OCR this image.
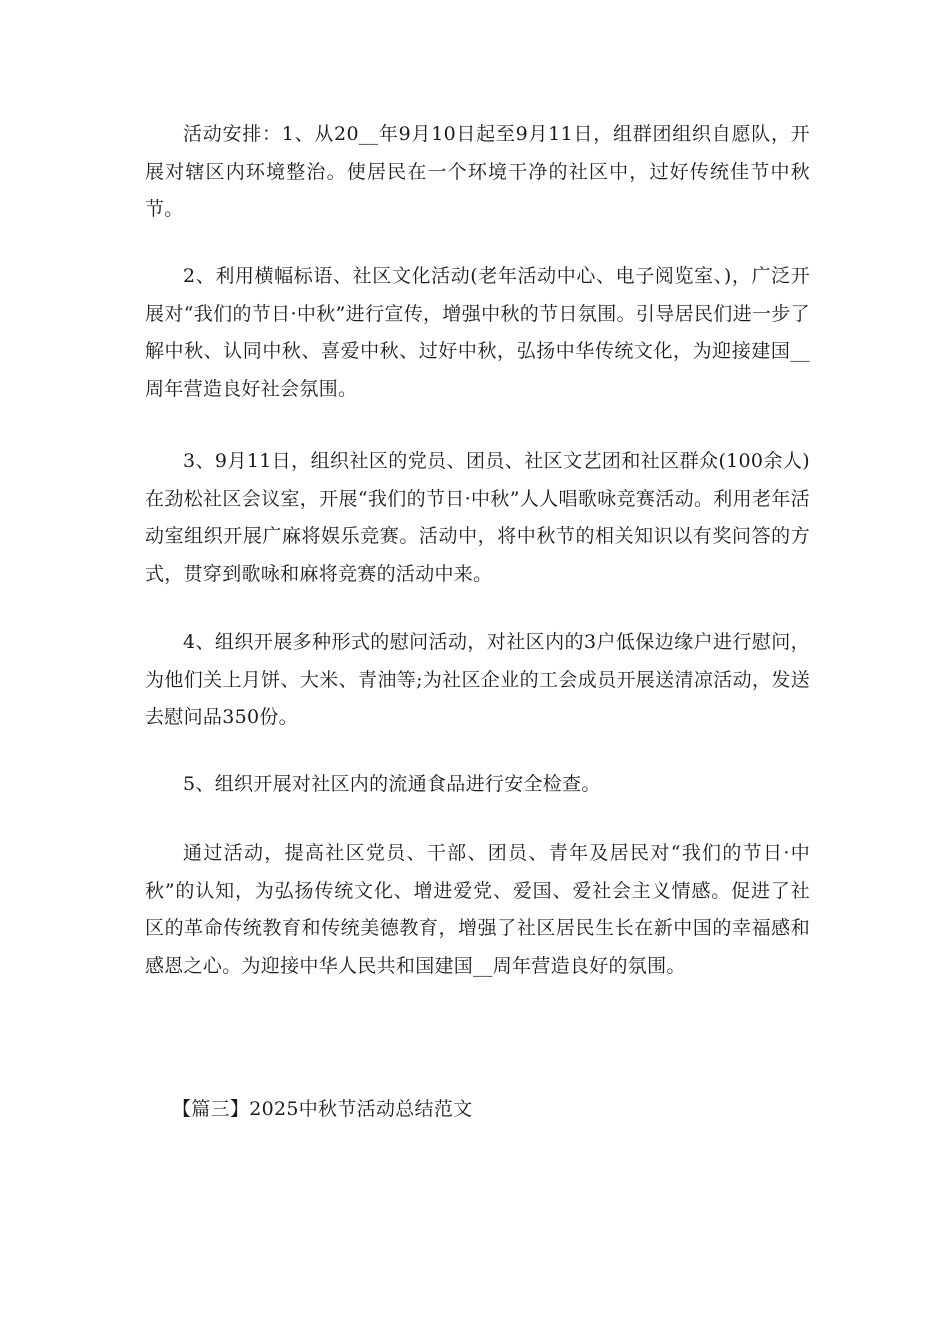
活动安排：1、从20__年9月10日起至9月11日，组群团组织自愿队，开展对辖区内环境整治。使居民在一个环境干净的社区中，过好传统佳节中秋节。

2、利用横幅标语、社区文化活动(老年活动中心、电子阅览室、)，广泛开展对“我们的节日·中秋”进行宣传，增强中秋的节日氛围。引导居民们进一步了解中秋、认同中秋、喜爱中秋、过好中秋，弘扬中华传统文化，为迎接建国__周年营造良好社会氛围。

3、9月11日，组织社区的党员、团员、社区文艺团和社区群众(100余人)在劲松社区会议室，开展“我们的节日·中秋”人人唱歌咏竞赛活动。利用老年活动室组织开展广麻将娱乐竞赛。活动中，将中秋节的相关知识以有奖问答的方式，贯穿到歌咏和麻将竞赛的活动中来。

4、组织开展多种形式的慰问活动，对社区内的3户低保边缘户进行慰问，为他们关上月饼、大米、青油等;为社区企业的工会成员开展送清凉活动，发送去慰问品350份。

5、组织开展对社区内的流通食品进行安全检查。

通过活动，提高社区党员、干部、团员、青年及居民对“我们的节日·中秋”的认知，为弘扬传统文化、增进爱党、爱国、爱社会主义情感。促进了社区的革命传统教育和传统美德教育，增强了社区居民生长在新中国的幸福感和感恩之心。为迎接中华人民共和国建国__周年营造良好的氛围。

【篇三】2025中秋节活动总结范文
